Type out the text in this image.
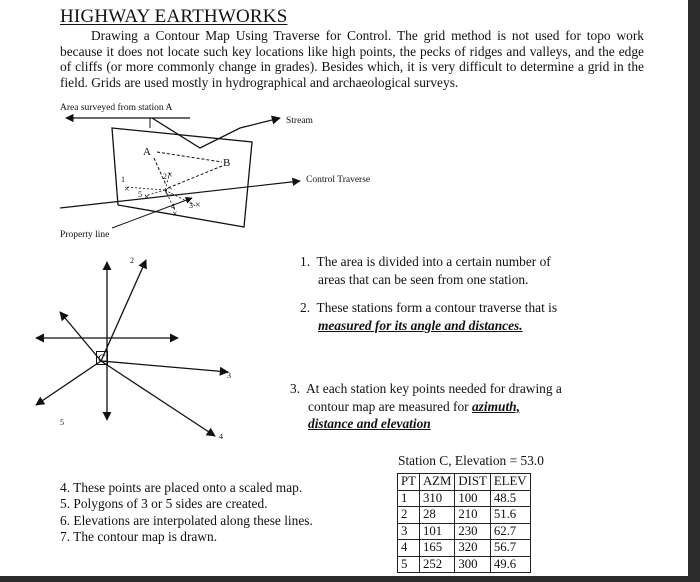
HIGHWAY EARTHWORKS

Drawing a Contour Map Using Traverse for Control. The grid method is not used for topo work because it does not locate such key locations like high points, the pecks of ridges and valleys, and the edge of cliffs (or more commonly change in grades). Besides which, it is very difficult to determine a grid in the field. Grids are used mostly in hydrographical and archaeological surveys.

×
×
×
×
×
Area surveyed from station A
Stream
Control Traverse
Property line
A
B
C
1
5
2
4 3
C
2
3
4
5

1. The area is divided into a certain number of areas that can be seen from one station.

2. These stations form a contour traverse that is measured for its angle and distances.

3. At each station key points needed for drawing a contour map are measured for azimuth, distance and elevation

4. These points are placed onto a scaled map.
5. Polygons of 3 or 5 sides are created.
6. Elevations are interpolated along these lines.
7. The contour map is drawn.
Station C, Elevation = 53.0
PT	AZM	DIST	ELEV
1	310	100	48.5
2	28	210	51.6
3	101	230	62.7
4	165	320	56.7
5	252	300	49.6
